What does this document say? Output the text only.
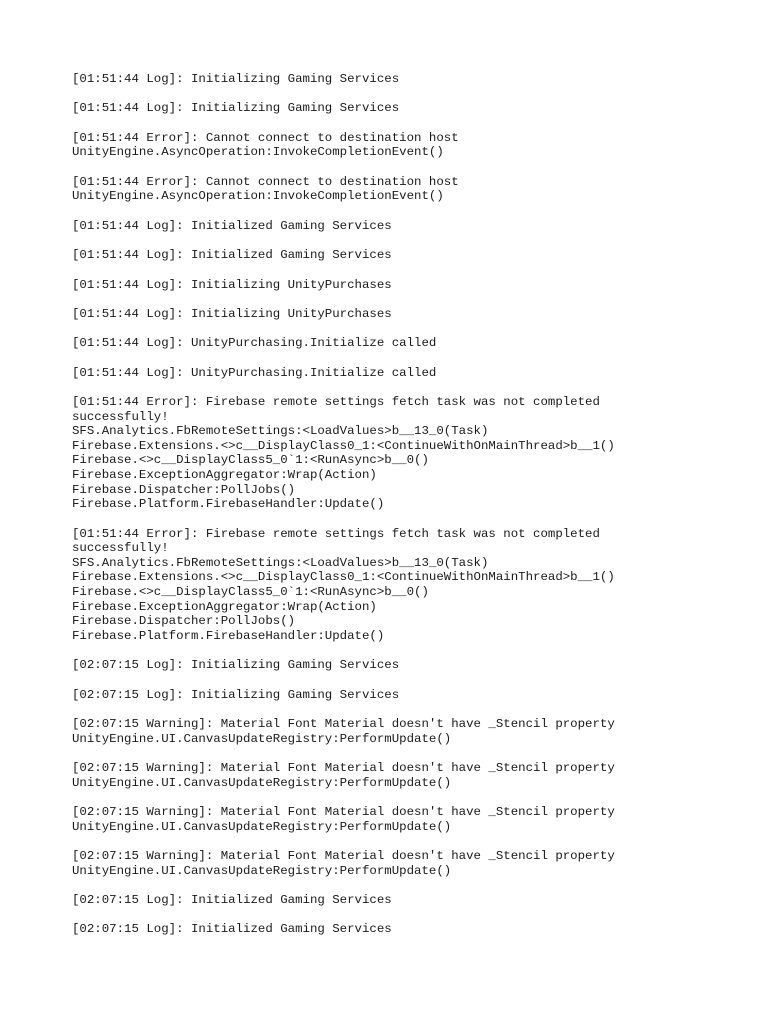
[01:51:44 Log]: Initializing Gaming Services
[01:51:44 Log]: Initializing Gaming Services
[01:51:44 Error]: Cannot connect to destination host
UnityEngine.AsyncOperation:InvokeCompletionEvent()
[01:51:44 Error]: Cannot connect to destination host
UnityEngine.AsyncOperation:InvokeCompletionEvent()
[01:51:44 Log]: Initialized Gaming Services
[01:51:44 Log]: Initialized Gaming Services
[01:51:44 Log]: Initializing UnityPurchases
[01:51:44 Log]: Initializing UnityPurchases
[01:51:44 Log]: UnityPurchasing.Initialize called
[01:51:44 Log]: UnityPurchasing.Initialize called
[01:51:44 Error]: Firebase remote settings fetch task was not completed
successfully!
SFS.Analytics.FbRemoteSettings:<LoadValues>b__13_0(Task)
Firebase.Extensions.<>c__DisplayClass0_1:<ContinueWithOnMainThread>b__1()
Firebase.<>c__DisplayClass5_0`1:<RunAsync>b__0()
Firebase.ExceptionAggregator:Wrap(Action)
Firebase.Dispatcher:PollJobs()
Firebase.Platform.FirebaseHandler:Update()
[01:51:44 Error]: Firebase remote settings fetch task was not completed
successfully!
SFS.Analytics.FbRemoteSettings:<LoadValues>b__13_0(Task)
Firebase.Extensions.<>c__DisplayClass0_1:<ContinueWithOnMainThread>b__1()
Firebase.<>c__DisplayClass5_0`1:<RunAsync>b__0()
Firebase.ExceptionAggregator:Wrap(Action)
Firebase.Dispatcher:PollJobs()
Firebase.Platform.FirebaseHandler:Update()
[02:07:15 Log]: Initializing Gaming Services
[02:07:15 Log]: Initializing Gaming Services
[02:07:15 Warning]: Material Font Material doesn't have _Stencil property
UnityEngine.UI.CanvasUpdateRegistry:PerformUpdate()
[02:07:15 Warning]: Material Font Material doesn't have _Stencil property
UnityEngine.UI.CanvasUpdateRegistry:PerformUpdate()
[02:07:15 Warning]: Material Font Material doesn't have _Stencil property
UnityEngine.UI.CanvasUpdateRegistry:PerformUpdate()
[02:07:15 Warning]: Material Font Material doesn't have _Stencil property
UnityEngine.UI.CanvasUpdateRegistry:PerformUpdate()
[02:07:15 Log]: Initialized Gaming Services
[02:07:15 Log]: Initialized Gaming Services
